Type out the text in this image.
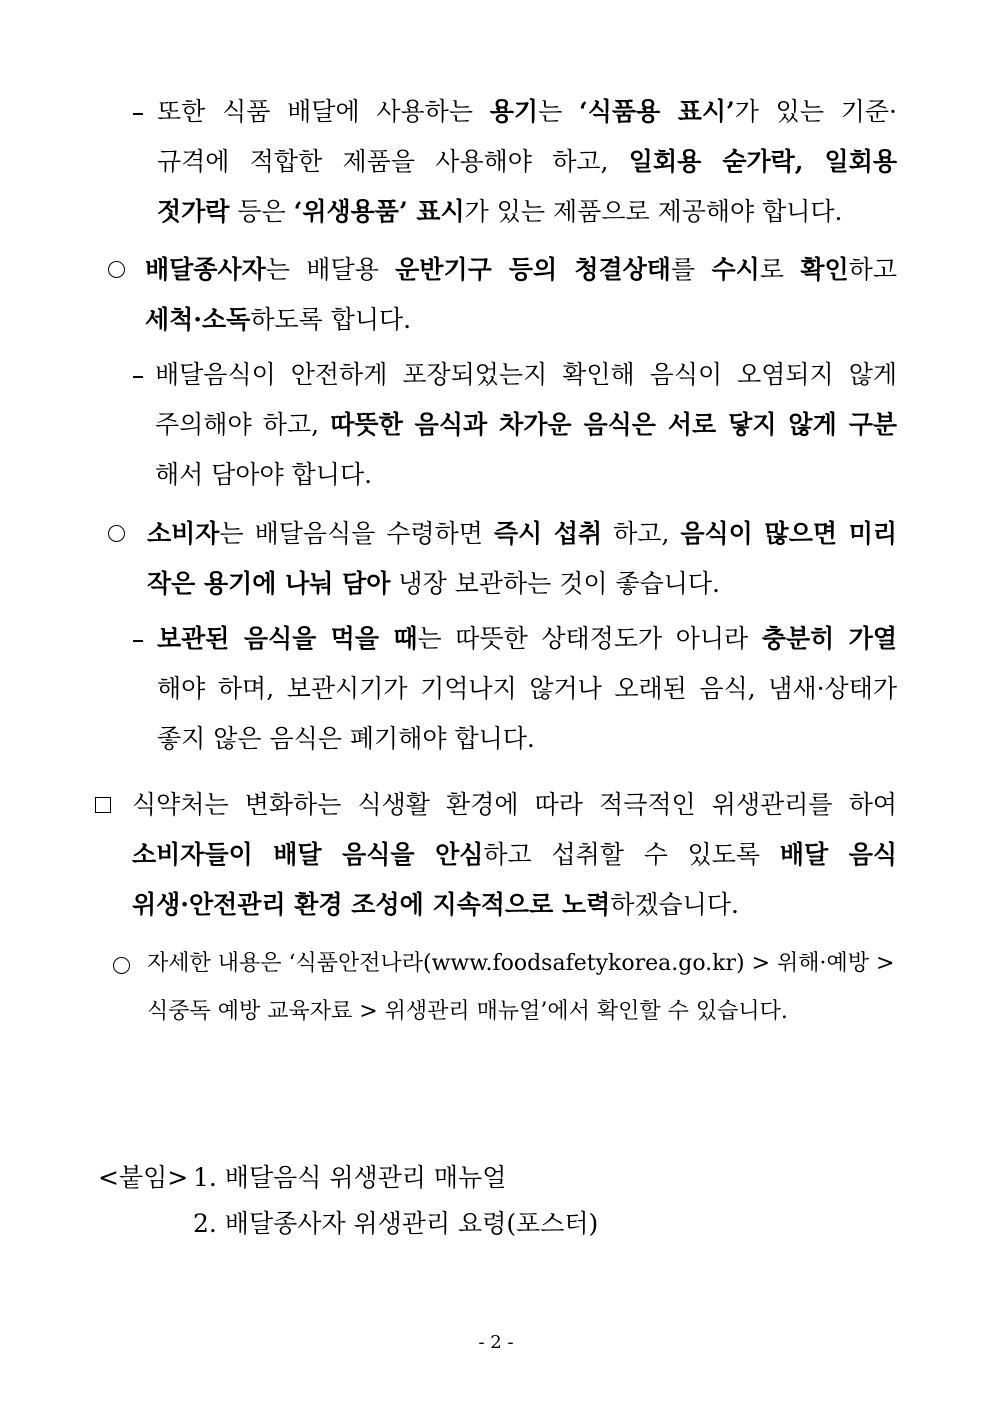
또한 식품 배달에 사용하는 용기는 ‘식품용 표시’가 있는 기준·
규격에 적합한 제품을 사용해야 하고, 일회용 숟가락, 일회용
젓가락 등은 ‘위생용품’ 표시가 있는 제품으로 제공해야 합니다.
배달종사자는 배달용 운반기구 등의 청결상태를 수시로 확인하고
세척·소독하도록 합니다.
배달음식이 안전하게 포장되었는지 확인해 음식이 오염되지 않게
주의해야 하고, 따뜻한 음식과 차가운 음식은 서로 닿지 않게 구분
해서 담아야 합니다.
소비자는 배달음식을 수령하면 즉시 섭취 하고, 음식이 많으면 미리
작은 용기에 나눠 담아 냉장 보관하는 것이 좋습니다.
보관된 음식을 먹을 때는 따뜻한 상태정도가 아니라 충분히 가열
해야 하며, 보관시기가 기억나지 않거나 오래된 음식, 냄새·상태가
좋지 않은 음식은 폐기해야 합니다.
식약처는 변화하는 식생활 환경에 따라 적극적인 위생관리를 하여
소비자들이 배달 음식을 안심하고 섭취할 수 있도록 배달 음식
위생·안전관리 환경 조성에 지속적으로 노력하겠습니다.
자세한 내용은 ‘식품안전나라(www.foodsafetykorea.go.kr) > 위해·예방 >
식중독 예방 교육자료 > 위생관리 매뉴얼’에서 확인할 수 있습니다.
<붙임> 1. 배달음식 위생관리 매뉴얼
2. 배달종사자 위생관리 요령(포스터)
- 2 -
